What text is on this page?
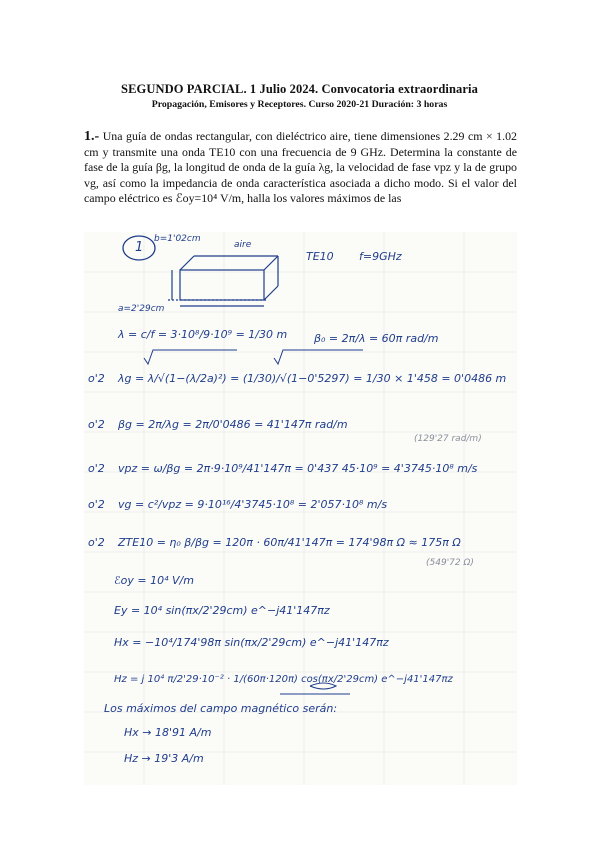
SEGUNDO PARCIAL. 1 Julio 2024. Convocatoria extraordinaria
Propagación, Emisores y Receptores. Curso 2020-21 Duración: 3 horas
1.- Una guía de ondas rectangular, con dieléctrico aire, tiene dimensiones 2.29 cm × 1.02 cm y transmite una onda TE10 con una frecuencia de 9 GHz. Determina la constante de fase de la guía βg, la longitud de onda de la guía λg, la velocidad de fase vpz y la de grupo vg, así como la impedancia de onda característica asociada a dicho modo. Si el valor del campo eléctrico es ℰoy=10⁴ V/m, halla los valores máximos de las
1
b=1'02cm
aire
TE10 f=9GHz
a=2'29cm
λ = c/f = 3·10⁸/9·10⁹ = 1/30 m β₀ = 2π/λ = 60π rad/m
o'2 λg = λ/√(1−(λ/2a)²) = (1/30)/√(1−0'5297) = 1/30 × 1'458 = 0'0486 m
o'2 βg = 2π/λg = 2π/0'0486 = 41'147π rad/m
(129'27 rad/m)
o'2 vpz = ω/βg = 2π·9·10⁹/41'147π = 0'437 45·10⁹ = 4'3745·10⁸ m/s
o'2 vg = c²/vpz = 9·10¹⁶/4'3745·10⁸ = 2'057·10⁸ m/s
o'2 ZTE10 = η₀ β/βg = 120π · 60π/41'147π = 174'98π Ω ≈ 175π Ω
(549'72 Ω)
ℰoy = 10⁴ V/m
Ey = 10⁴ sin(πx/2'29cm) e^−j41'147πz
Hx = −10⁴/174'98π sin(πx/2'29cm) e^−j41'147πz
Hz = j 10⁴ π/2'29·10⁻² · 1/(60π·120π) cos(πx/2'29cm) e^−j41'147πz
Los máximos del campo magnético serán:
Hx → 18'91 A/m
Hz → 19'3 A/m
